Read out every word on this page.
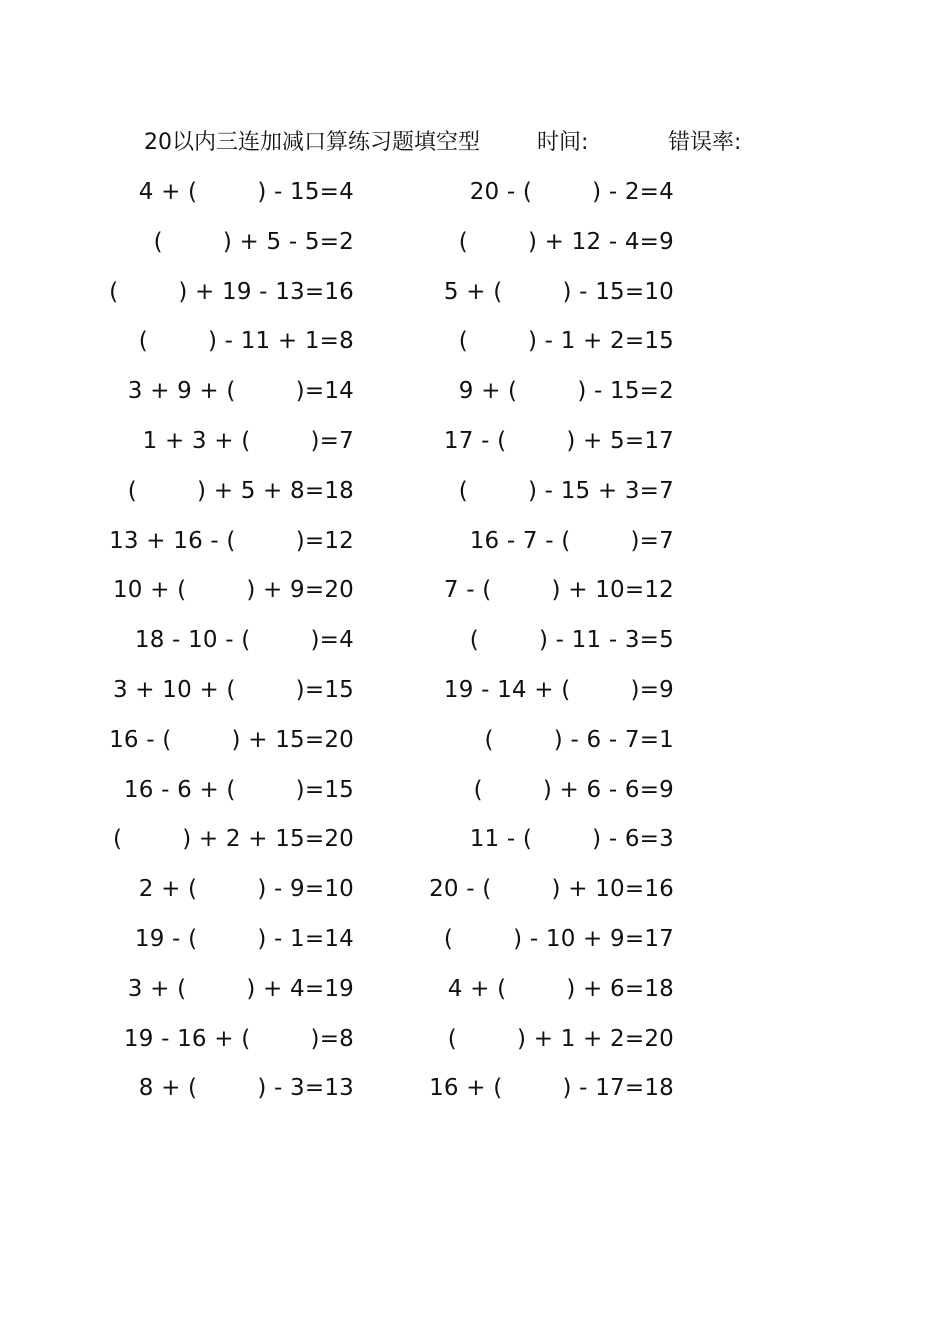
20以内三连加减口算练习题填空型	时间:	错误率:
4 + (        ) - 15=4	20 - (        ) - 2=4
(        ) + 5 - 5=2	(        ) + 12 - 4=9
(        ) + 19 - 13=16	5 + (        ) - 15=10
(        ) - 11 + 1=8	(        ) - 1 + 2=15
3 + 9 + (        )=14	9 + (        ) - 15=2
1 + 3 + (        )=7	17 - (        ) + 5=17
(        ) + 5 + 8=18	(        ) - 15 + 3=7
13 + 16 - (        )=12	16 - 7 - (        )=7
10 + (        ) + 9=20	7 - (        ) + 10=12
18 - 10 - (        )=4	(        ) - 11 - 3=5
3 + 10 + (        )=15	19 - 14 + (        )=9
16 - (        ) + 15=20	(        ) - 6 - 7=1
16 - 6 + (        )=15	(        ) + 6 - 6=9
(        ) + 2 + 15=20	11 - (        ) - 6=3
2 + (        ) - 9=10	20 - (        ) + 10=16
19 - (        ) - 1=14	(        ) - 10 + 9=17
3 + (        ) + 4=19	4 + (        ) + 6=18
19 - 16 + (        )=8	(        ) + 1 + 2=20
8 + (        ) - 3=13	16 + (        ) - 17=18
